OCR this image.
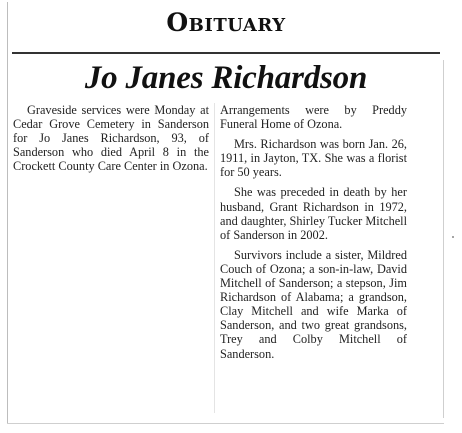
Obituary
Jo Janes Richardson

Graveside services were Monday at Cedar Grove Cemetery in Sanderson for Jo Janes Richardson, 93, of Sanderson who died April 8 in the Crockett County Care Center in Ozona.

Arrangements were by Preddy Funeral Home of Ozona.

Mrs. Richardson was born Jan. 26, 1911, in Jayton, TX. She was a florist for 50 years.

She was preceded in death by her husband, Grant Richardson in 1972, and daughter, Shirley Tucker Mitchell of Sanderson in 2002.

Survivors include a sister, Mildred Couch of Ozona; a son-in-law, David Mitchell of Sanderson; a stepson, Jim Richardson of Alabama; a grandson, Clay Mitchell and wife Marka of Sanderson, and two great grandsons, Trey and Colby Mitchell of Sanderson.
